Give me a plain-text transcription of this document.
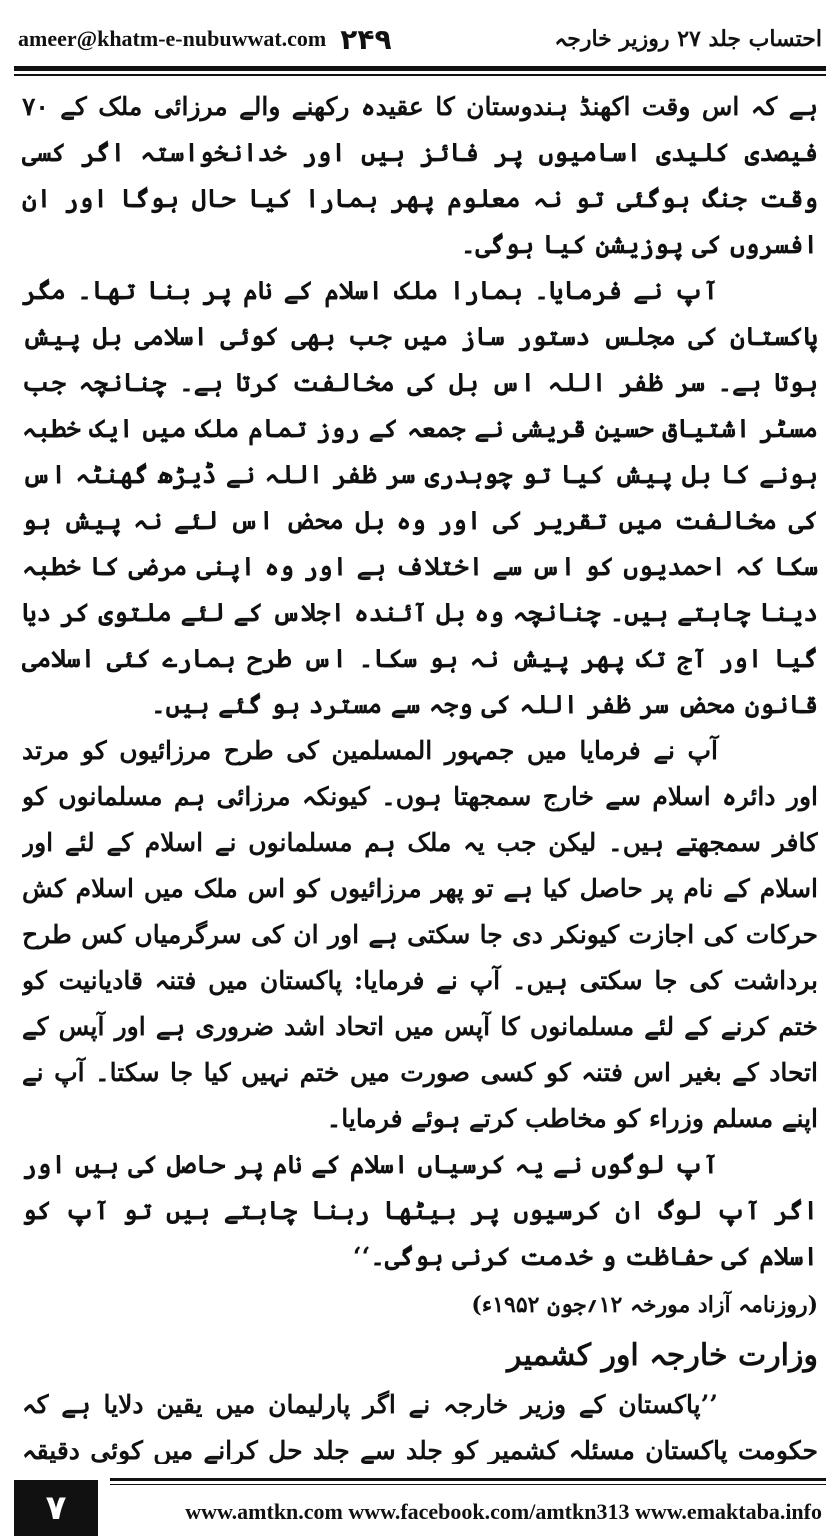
ameer@khatm-e-nubuwwat.com ۲۴۹	احتساب جلد ۲۷ روزیر خارجہ

ہے کہ اس وقت اکھنڈ ہندوستان کا عقیدہ رکھنے والے مرزائی ملک کے ۷۰ فیصدی کلیدی اسامیوں پر فائز ہیں اور خدانخواستہ اگر کسی وقت جنگ ہوگئی تو نہ معلوم پھر ہمارا کیا حال ہوگا اور ان افسروں کی پوزیشن کیا ہوگی۔

آپ نے فرمایا۔ ہمارا ملک اسلام کے نام پر بنا تھا۔ مگر پاکستان کی مجلس دستور ساز میں جب بھی کوئی اسلامی بل پیش ہوتا ہے۔ سر ظفر اللہ اس بل کی مخالفت کرتا ہے۔ چنانچہ جب مسٹر اشتیاق حسین قریشی نے جمعہ کے روز تمام ملک میں ایک خطبہ ہونے کا بل پیش کیا تو چوہدری سر ظفر اللہ نے ڈیڑھ گھنٹہ اس کی مخالفت میں تقریر کی اور وہ بل محض اس لئے نہ پیش ہو سکا کہ احمدیوں کو اس سے اختلاف ہے اور وہ اپنی مرضی کا خطبہ دینا چاہتے ہیں۔ چنانچہ وہ بل آئندہ اجلاس کے لئے ملتوی کر دیا گیا اور آج تک پھر پیش نہ ہو سکا۔ اس طرح ہمارے کئی اسلامی قانون محض سر ظفر اللہ کی وجہ سے مسترد ہو گئے ہیں۔

آپ نے فرمایا میں جمہور المسلمین کی طرح مرزائیوں کو مرتد اور دائرہ اسلام سے خارج سمجھتا ہوں۔ کیونکہ مرزائی ہم مسلمانوں کو کافر سمجھتے ہیں۔ لیکن جب یہ ملک ہم مسلمانوں نے اسلام کے لئے اور اسلام کے نام پر حاصل کیا ہے تو پھر مرزائیوں کو اس ملک میں اسلام کش حرکات کی اجازت کیونکر دی جا سکتی ہے اور ان کی سرگرمیاں کس طرح برداشت کی جا سکتی ہیں۔ آپ نے فرمایا: پاکستان میں فتنہ قادیانیت کو ختم کرنے کے لئے مسلمانوں کا آپس میں اتحاد اشد ضروری ہے اور آپس کے اتحاد کے بغیر اس فتنہ کو کسی صورت میں ختم نہیں کیا جا سکتا۔ آپ نے اپنے مسلم وزراء کو مخاطب کرتے ہوئے فرمایا۔

آپ لوگوں نے یہ کرسیاں اسلام کے نام پر حاصل کی ہیں اور اگر آپ لوگ ان کرسیوں پر بیٹھا رہنا چاہتے ہیں تو آپ کو اسلام کی حفاظت و خدمت کرنی ہوگی۔‘‘

(روزنامہ آزاد مورخہ ۱۲؍جون ۱۹۵۲ء)
وزارت خارجہ اور کشمیر

’’پاکستان کے وزیر خارجہ نے اگر پارلیمان میں یقین دلایا ہے کہ حکومت پاکستان مسئلہ کشمیر کو جلد سے جلد حل کرانے میں کوئی دقیقہ

۷	www.amtkn.com www.facebook.com/amtkn313 www.emaktaba.info
